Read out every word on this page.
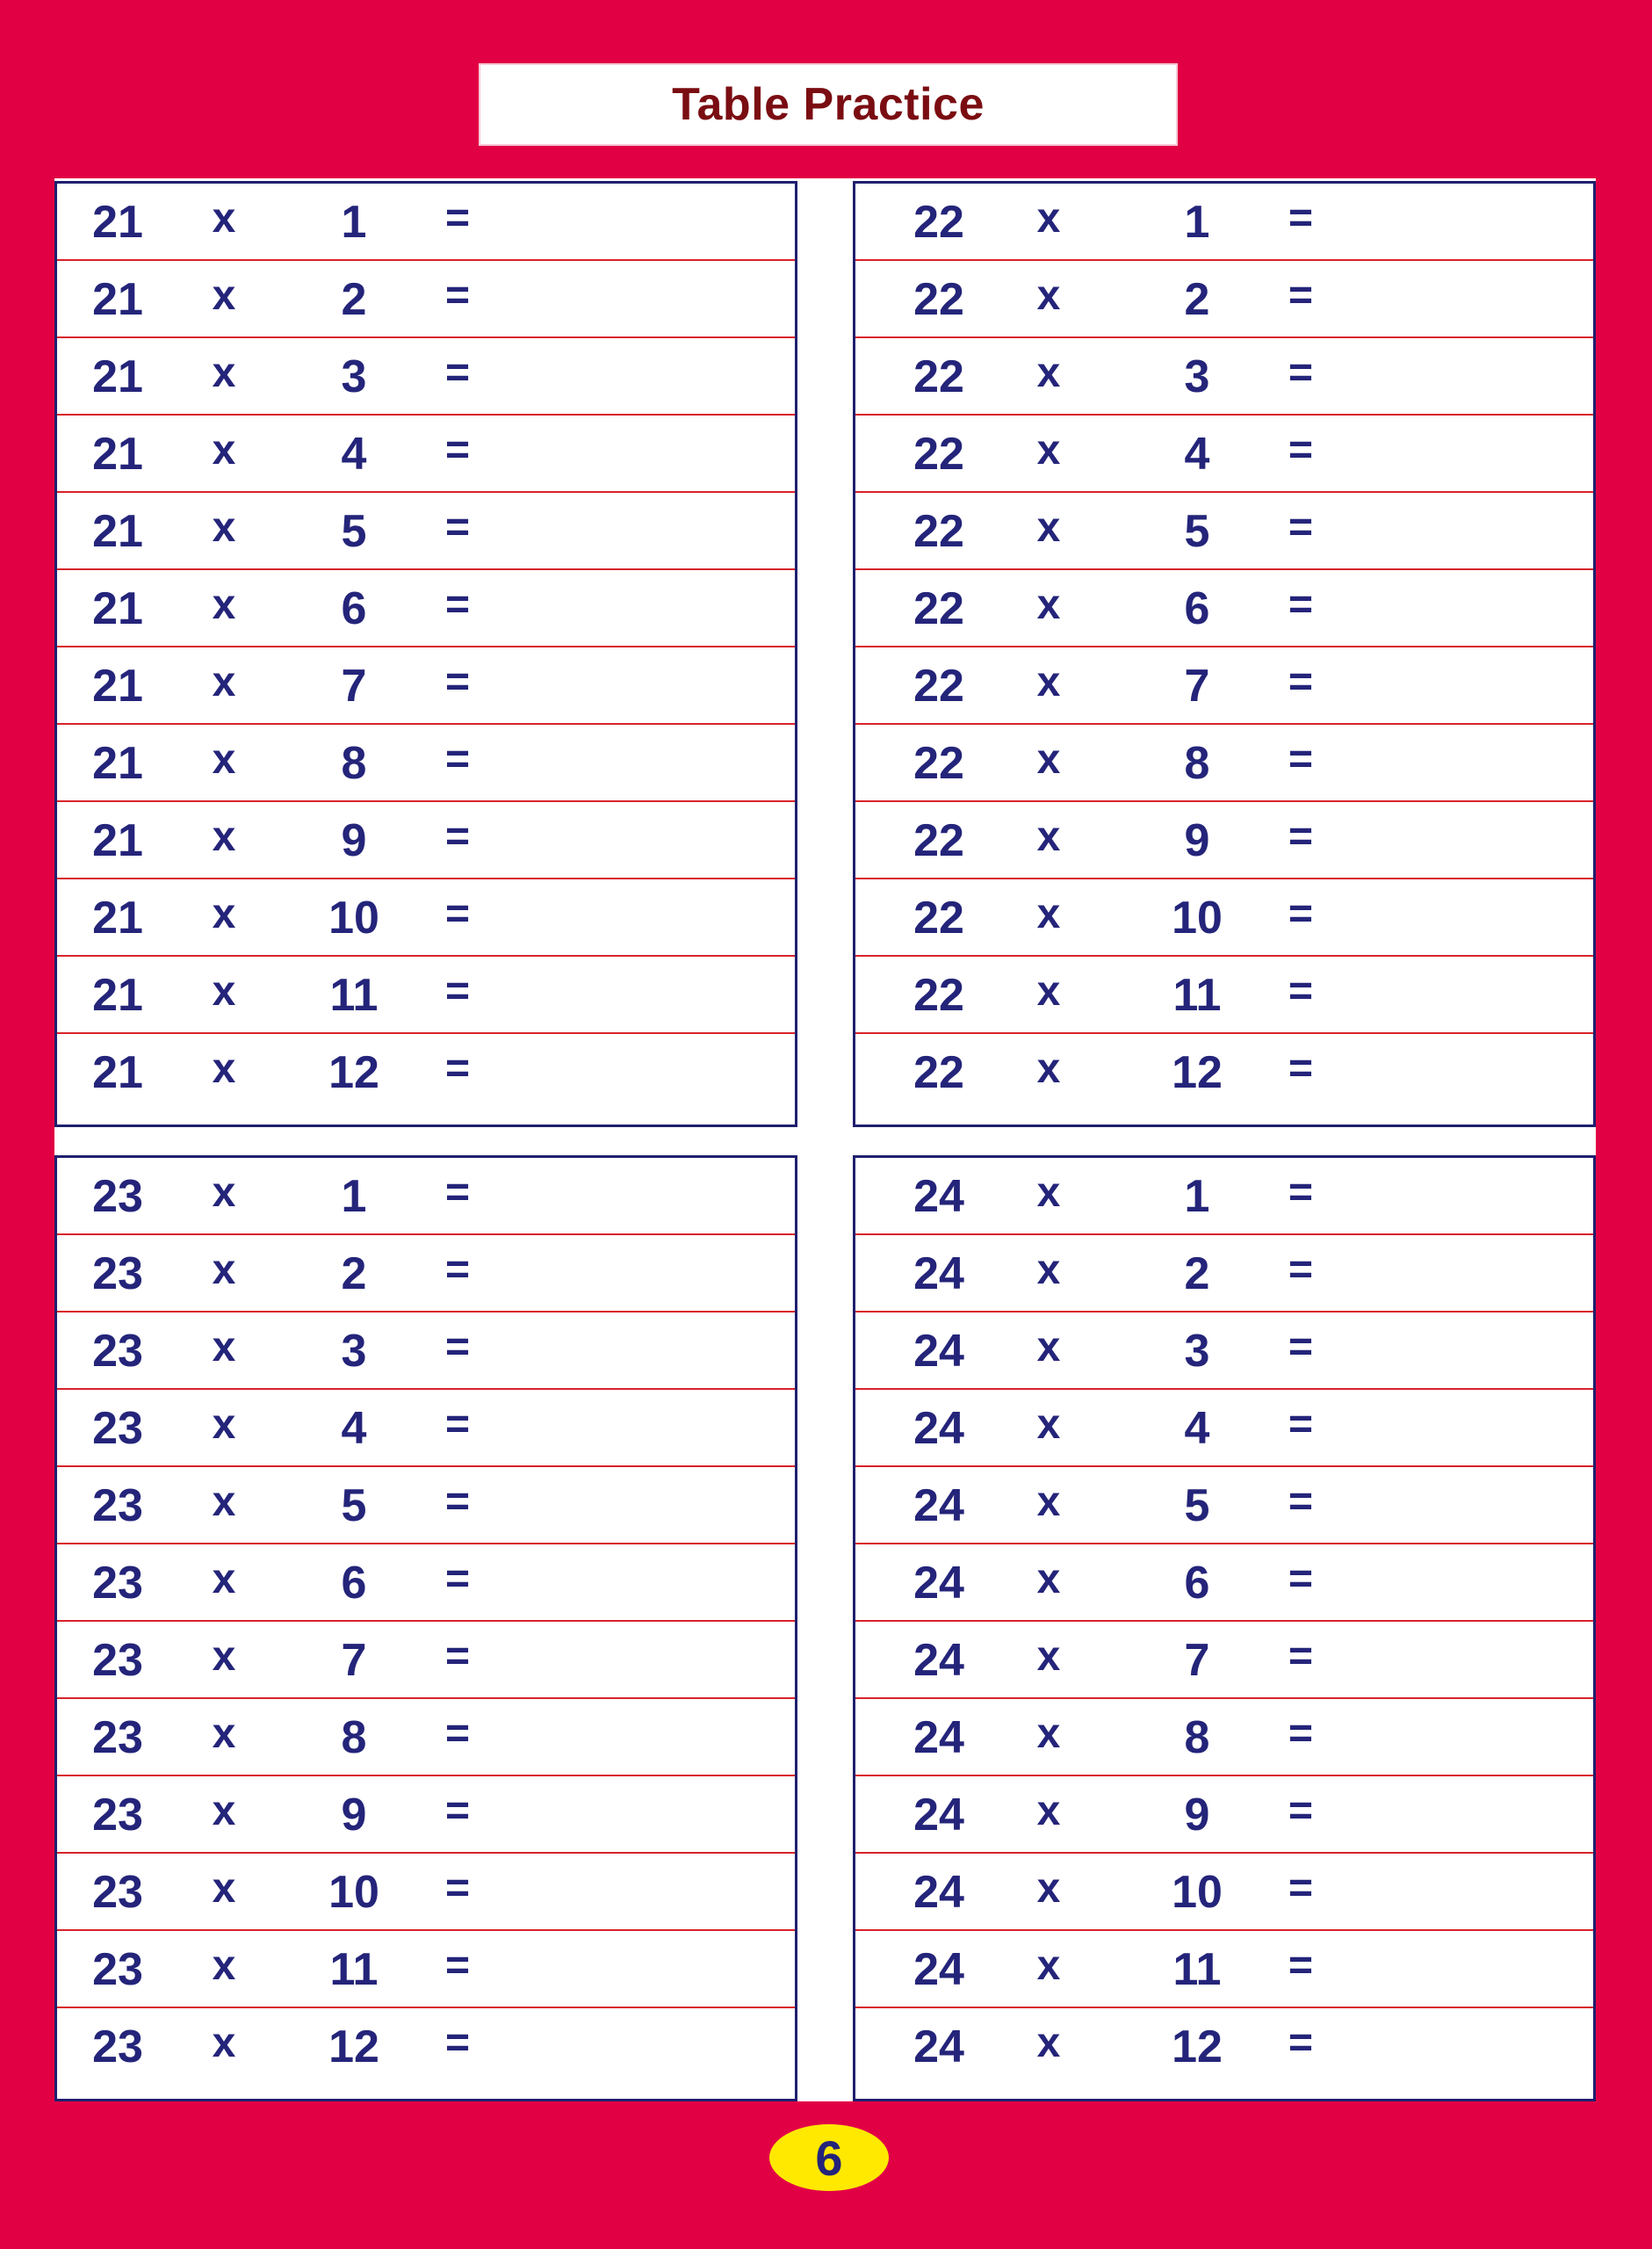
Table Practice
21	x	1	=
21	x	2	=
21	x	3	=
21	x	4	=
21	x	5	=
21	x	6	=
21	x	7	=
21	x	8	=
21	x	9	=
21	x	10	=
21	x	11	=
21	x	12	=
22	x	1	=
22	x	2	=
22	x	3	=
22	x	4	=
22	x	5	=
22	x	6	=
22	x	7	=
22	x	8	=
22	x	9	=
22	x	10	=
22	x	11	=
22	x	12	=
23	x	1	=
23	x	2	=
23	x	3	=
23	x	4	=
23	x	5	=
23	x	6	=
23	x	7	=
23	x	8	=
23	x	9	=
23	x	10	=
23	x	11	=
23	x	12	=
24	x	1	=
24	x	2	=
24	x	3	=
24	x	4	=
24	x	5	=
24	x	6	=
24	x	7	=
24	x	8	=
24	x	9	=
24	x	10	=
24	x	11	=
24	x	12	=
6
